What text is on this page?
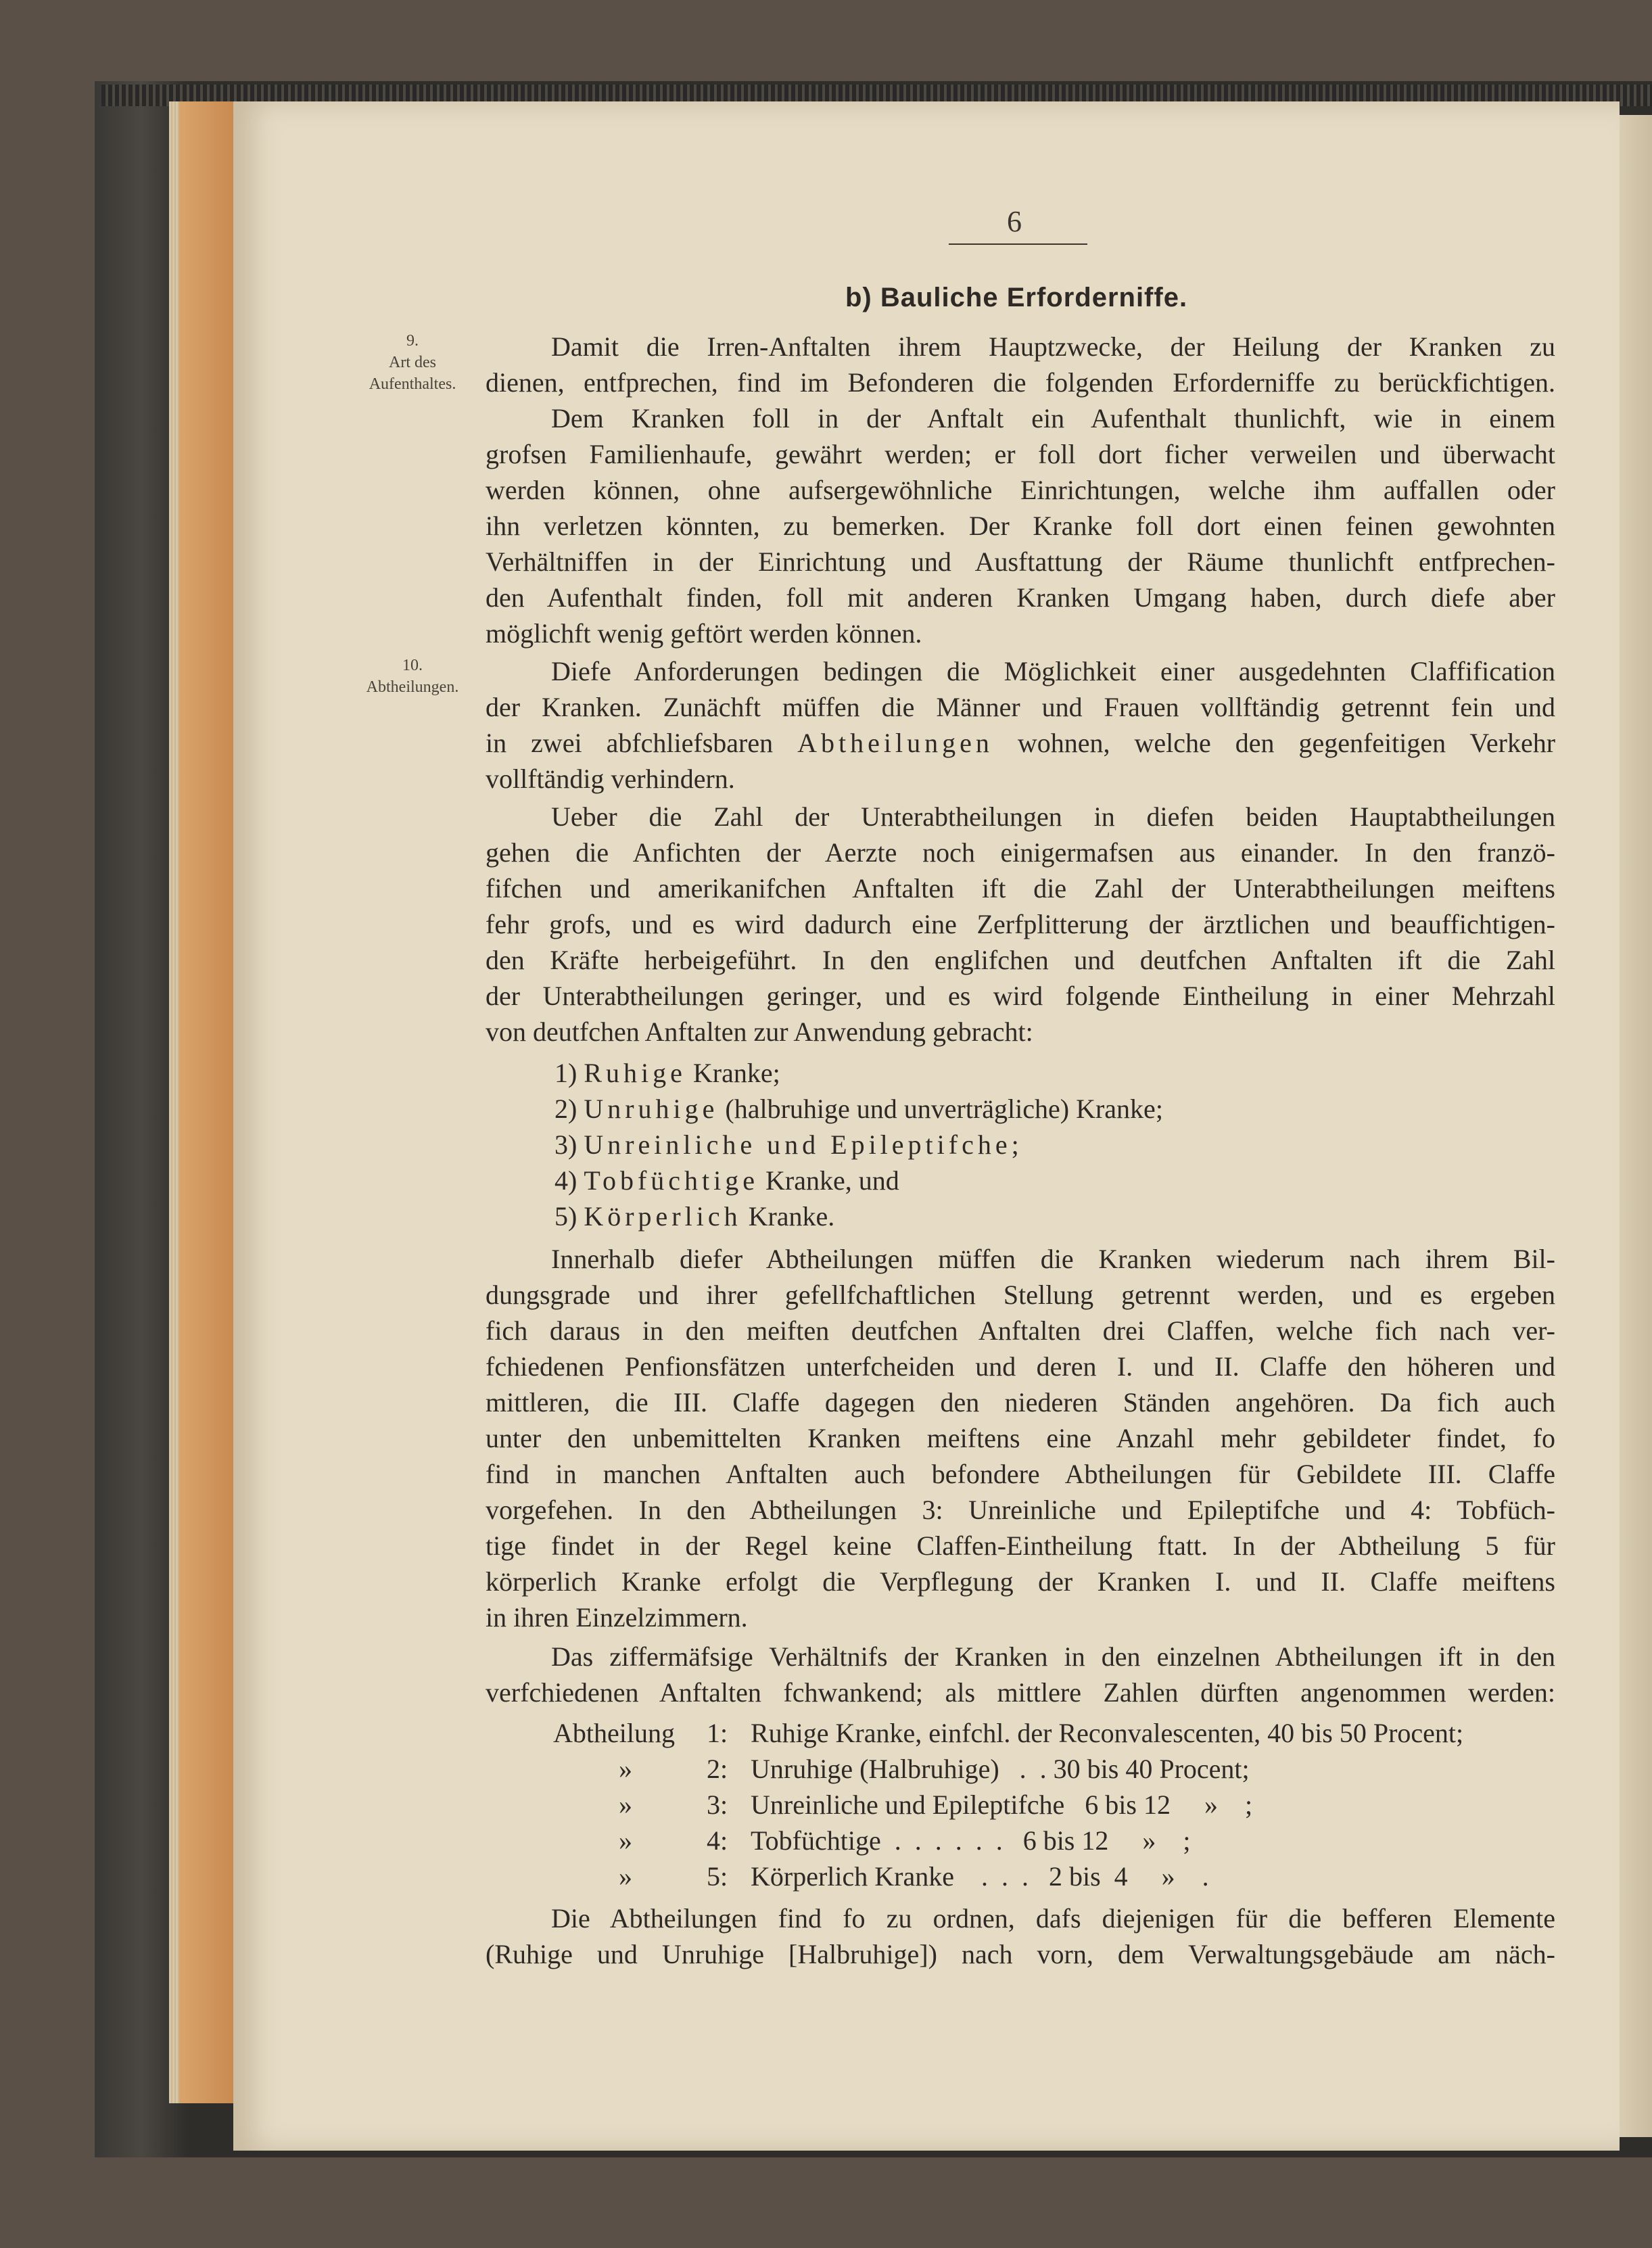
6
b) Bauliche Erforderniffe.
9.
Art des
Aufenthaltes.
10.
Abtheilungen.
Damit die Irren-Anftalten ihrem Hauptzwecke, der Heilung der Kranken zu
dienen, entfprechen, find im Befonderen die folgenden Erforderniffe zu berückfichtigen.
Dem Kranken foll in der Anftalt ein Aufenthalt thunlichft, wie in einem
grofsen Familienhaufe, gewährt werden; er foll dort ficher verweilen und überwacht
werden können, ohne aufsergewöhnliche Einrichtungen, welche ihm auffallen oder
ihn verletzen könnten, zu bemerken. Der Kranke foll dort einen feinen gewohnten
Verhältniffen in der Einrichtung und Ausftattung der Räume thunlichft entfprechen-
den Aufenthalt finden, foll mit anderen Kranken Umgang haben, durch diefe aber
möglichft wenig geftört werden können.
Diefe Anforderungen bedingen die Möglichkeit einer ausgedehnten Claffification
der Kranken. Zunächft müffen die Männer und Frauen vollftändig getrennt fein und
in zwei abfchliefsbaren Abtheilungen wohnen, welche den gegenfeitigen Verkehr
vollftändig verhindern.
Ueber die Zahl der Unterabtheilungen in diefen beiden Hauptabtheilungen
gehen die Anfichten der Aerzte noch einigermafsen aus einander. In den franzö-
fifchen und amerikanifchen Anftalten ift die Zahl der Unterabtheilungen meiftens
fehr grofs, und es wird dadurch eine Zerfplitterung der ärztlichen und beauffichtigen-
den Kräfte herbeigeführt. In den englifchen und deutfchen Anftalten ift die Zahl
der Unterabtheilungen geringer, und es wird folgende Eintheilung in einer Mehrzahl
von deutfchen Anftalten zur Anwendung gebracht:
1) Ruhige Kranke;
2) Unruhige (halbruhige und unverträgliche) Kranke;
3) Unreinliche und Epileptifche;
4) Tobfüchtige Kranke, und
5) Körperlich Kranke.
Innerhalb diefer Abtheilungen müffen die Kranken wiederum nach ihrem Bil-
dungsgrade und ihrer gefellfchaftlichen Stellung getrennt werden, und es ergeben
fich daraus in den meiften deutfchen Anftalten drei Claffen, welche fich nach ver-
fchiedenen Penfionsfätzen unterfcheiden und deren I. und II. Claffe den höheren und
mittleren, die III. Claffe dagegen den niederen Ständen angehören. Da fich auch
unter den unbemittelten Kranken meiftens eine Anzahl mehr gebildeter findet, fo
find in manchen Anftalten auch befondere Abtheilungen für Gebildete III. Claffe
vorgefehen. In den Abtheilungen 3: Unreinliche und Epileptifche und 4: Tobfüch-
tige findet in der Regel keine Claffen-Eintheilung ftatt. In der Abtheilung 5 für
körperlich Kranke erfolgt die Verpflegung der Kranken I. und II. Claffe meiftens
in ihren Einzelzimmern.
Das ziffermäfsige Verhältnifs der Kranken in den einzelnen Abtheilungen ift in den
verfchiedenen Anftalten fchwankend; als mittlere Zahlen dürften angenommen werden:
Abtheilung 1: Ruhige Kranke, einfchl. der Reconvalescenten, 40 bis 50 Procent;
»	2: Unruhige (Halbruhige)   .  . 30 bis 40 Procent;
»	3: Unreinliche und Epileptifche   6 bis 12     »    ;
»	4: Tobfüchtige  .  .  .  .  .  .   6 bis 12     »    ;
»	5: Körperlich Kranke    .  .  .   2 bis  4     »    .
Die Abtheilungen find fo zu ordnen, dafs diejenigen für die befferen Elemente
(Ruhige und Unruhige [Halbruhige]) nach vorn, dem Verwaltungsgebäude am näch-
